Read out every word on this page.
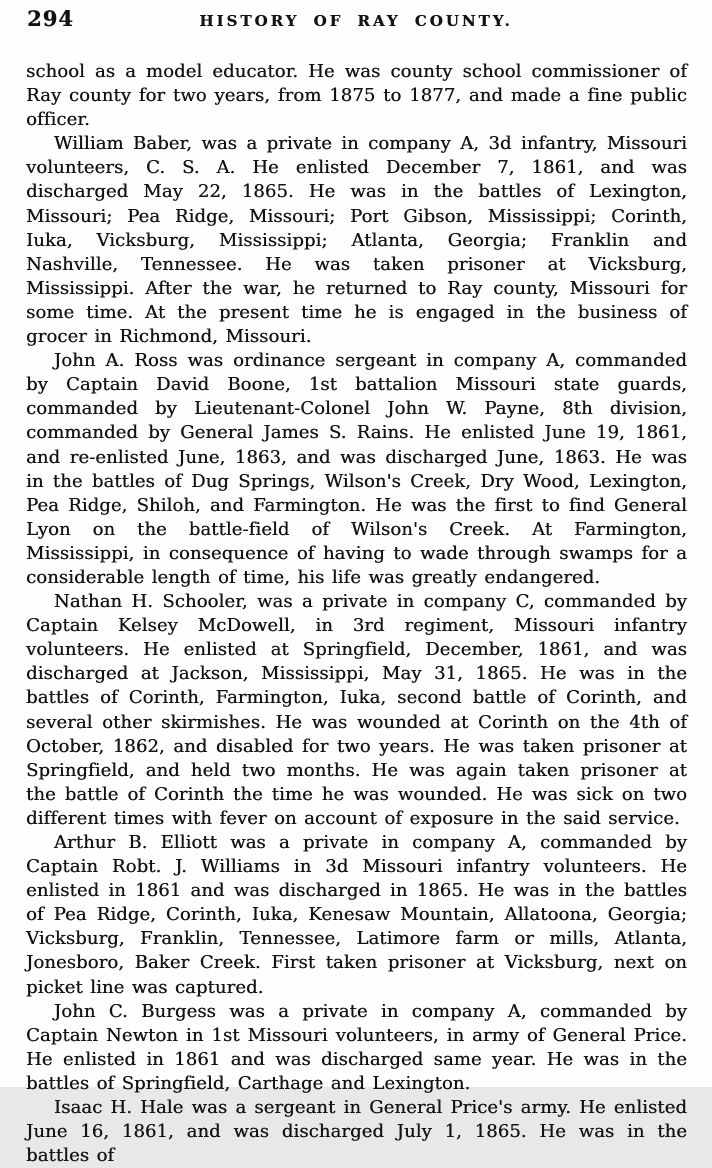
294	HISTORY OF RAY COUNTY.

school as a model educator. He was county school commissioner of Ray county for two years, from 1875 to 1877, and made a fine public officer.

William Baber, was a private in company A, 3d infantry, Missouri volunteers, C. S. A. He enlisted December 7, 1861, and was discharged May 22, 1865. He was in the battles of Lexington, Missouri; Pea Ridge, Missouri; Port Gibson, Mississippi; Corinth, Iuka, Vicksburg, Mississippi; Atlanta, Georgia; Franklin and Nashville, Tennessee. He was taken prisoner at Vicksburg, Mississippi. After the war, he returned to Ray county, Missouri for some time. At the present time he is engaged in the business of grocer in Richmond, Missouri.

John A. Ross was ordinance sergeant in company A, commanded by Captain David Boone, 1st battalion Missouri state guards, commanded by Lieutenant-Colonel John W. Payne, 8th division, commanded by General James S. Rains. He enlisted June 19, 1861, and re-enlisted June, 1863, and was discharged June, 1863. He was in the battles of Dug Springs, Wilson's Creek, Dry Wood, Lexington, Pea Ridge, Shiloh, and Farmington. He was the first to find General Lyon on the battle-field of Wilson's Creek. At Farmington, Mississippi, in consequence of having to wade through swamps for a considerable length of time, his life was greatly endangered.

Nathan H. Schooler, was a private in company C, commanded by Captain Kelsey McDowell, in 3rd regiment, Missouri infantry volunteers. He enlisted at Springfield, December, 1861, and was discharged at Jackson, Mississippi, May 31, 1865. He was in the battles of Corinth, Farmington, Iuka, second battle of Corinth, and several other skirmishes. He was wounded at Corinth on the 4th of October, 1862, and disabled for two years. He was taken prisoner at Springfield, and held two months. He was again taken prisoner at the battle of Corinth the time he was wounded. He was sick on two different times with fever on account of exposure in the said service.

Arthur B. Elliott was a private in company A, commanded by Captain Robt. J. Williams in 3d Missouri infantry volunteers. He enlisted in 1861 and was discharged in 1865. He was in the battles of Pea Ridge, Corinth, Iuka, Kenesaw Mountain, Allatoona, Georgia; Vicksburg, Franklin, Tennessee, Latimore farm or mills, Atlanta, Jonesboro, Baker Creek. First taken prisoner at Vicksburg, next on picket line was captured.

John C. Burgess was a private in company A, commanded by Captain Newton in 1st Missouri volunteers, in army of General Price. He enlisted in 1861 and was discharged same year. He was in the battles of Springfield, Carthage and Lexington.

Isaac H. Hale was a sergeant in General Price's army. He enlisted June 16, 1861, and was discharged July 1, 1865. He was in the battles of
